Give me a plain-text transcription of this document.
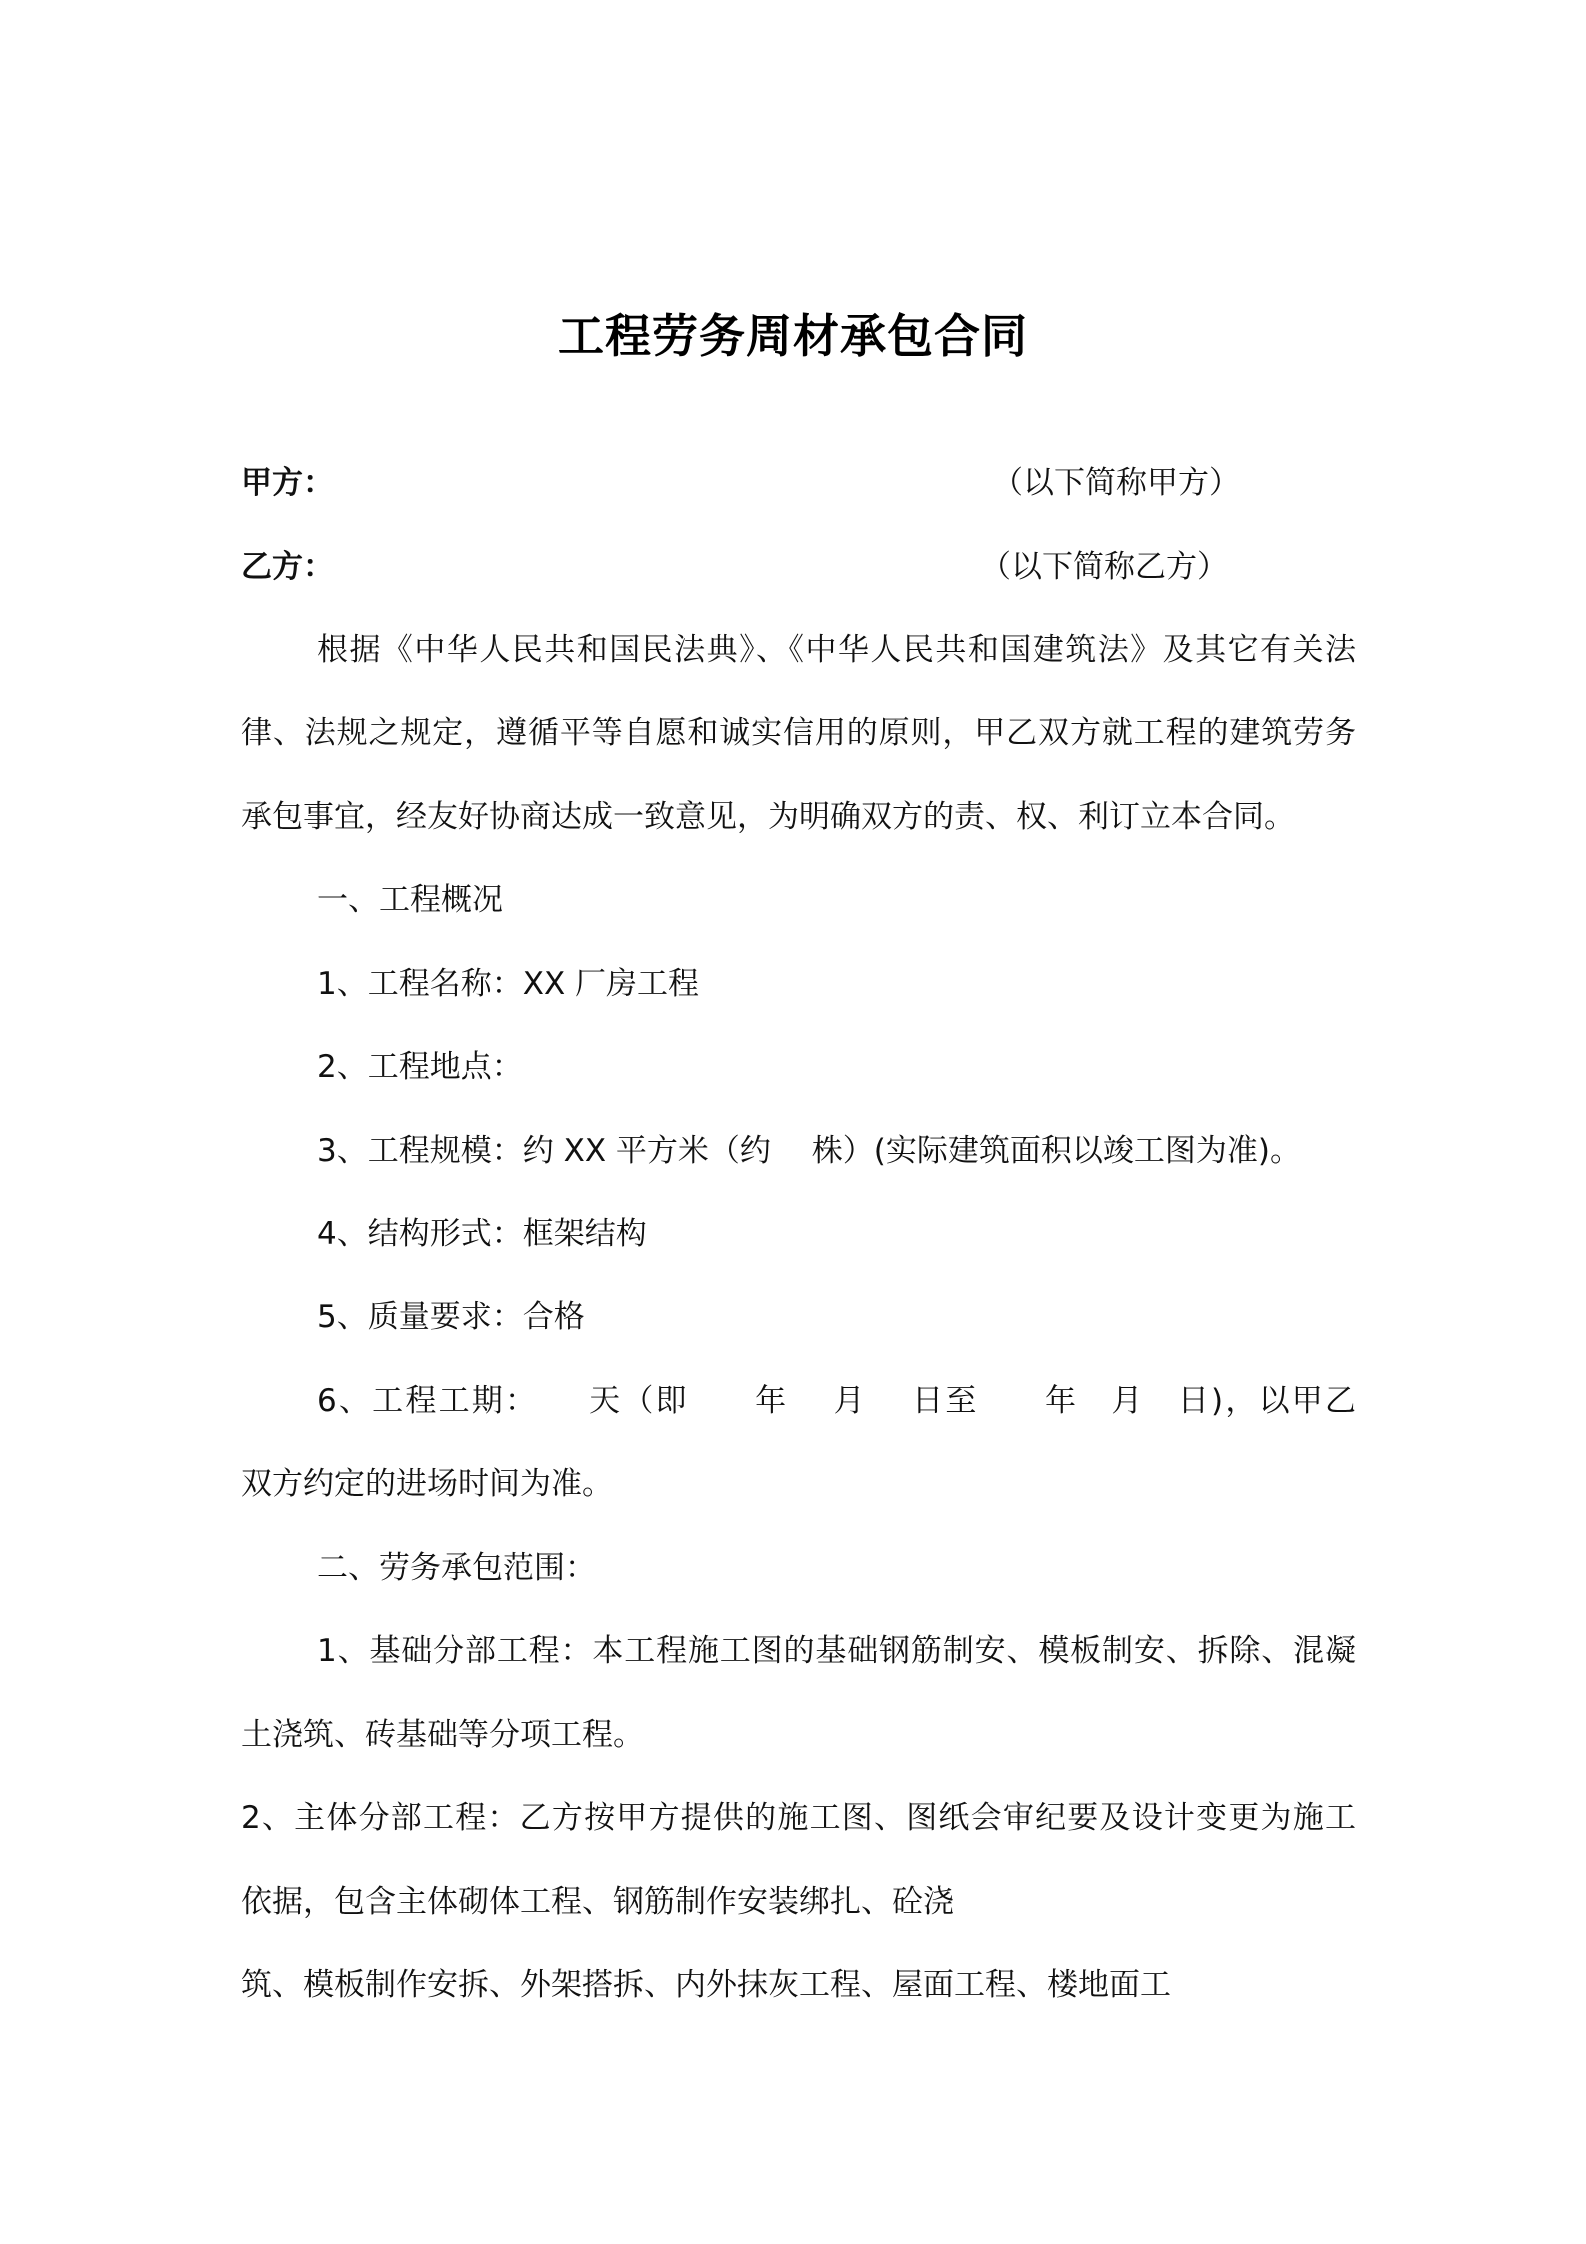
工程劳务周材承包合同
甲方：	（以下简称甲方）
乙方：	（以下简称乙方）
根据《中华人民共和国民法典》、《中华人民共和国建筑法》及其它有关法
律、法规之规定，遵循平等自愿和诚实信用的原则，甲乙双方就工程的建筑劳务
承包事宜，经友好协商达成一致意见，为明确双方的责、权、利订立本合同。
一、工程概况
1、工程名称：XX 厂房工程
2、工程地点：
3、工程规模：约 XX 平方米（约　 株）(实际建筑面积以竣工图为准)。
4、结构形式：框架结构
5、质量要求：合格
6、工程工期：　　天（即　　年　 月　 日至　　年　月　日)，以甲乙
双方约定的进场时间为准。
二、劳务承包范围：
1、基础分部工程：本工程施工图的基础钢筋制安、模板制安、拆除、混凝
土浇筑、砖基础等分项工程。
2、主体分部工程：乙方按甲方提供的施工图、图纸会审纪要及设计变更为施工
依据，包含主体砌体工程、钢筋制作安装绑扎、砼浇
筑、模板制作安拆、外架搭拆、内外抹灰工程、屋面工程、楼地面工
